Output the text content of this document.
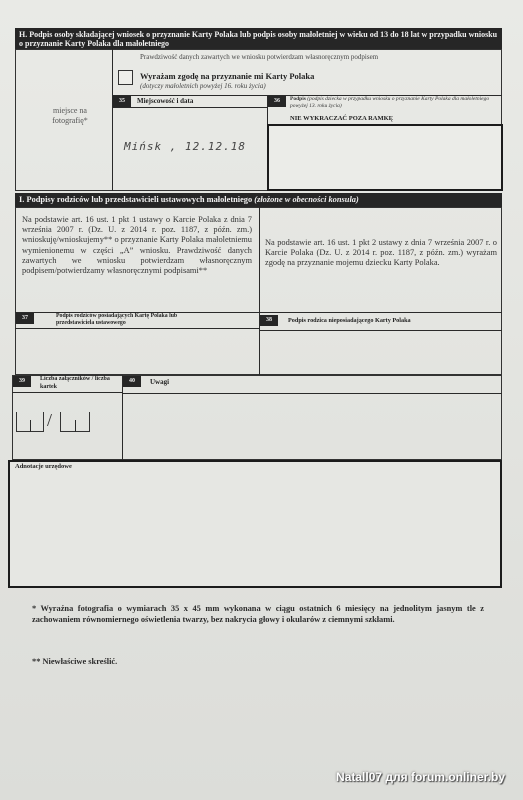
H. Podpis osoby składającej wniosek o przyznanie Karty Polaka lub podpis osoby małoletniej w wieku od 13 do 18 lat w przypadku wniosku o przyznanie Karty Polaka dla małoletniego
Prawdziwość danych zawartych we wniosku potwierdzam własnoręcznym podpisem
Wyrażam zgodę na przyznanie mi Karty Polaka
(dotyczy małoletnich powyżej 16. roku życia)
miejsce na fotografię*
35	Miejscowość i data
Mińsk , 12.12.18
36	Podpis (podpis dziecka w przypadku wniosku o przyznanie Karty Polaka dla małoletniego powyżej 13. roku życia)
NIE WYKRACZAĆ POZA RAMKĘ
I. Podpisy rodziców lub przedstawicieli ustawowych małoletniego (złożone w obecności konsula)
Na podstawie art. 16 ust. 1 pkt 1 ustawy o Karcie Polaka z dnia 7 września 2007 r. (Dz. U. z 2014 r. poz. 1187, z późn. zm.) wnioskuję/wnioskujemy** o przyznanie Karty Polaka małoletniemu wymienionemu w części „A” wniosku. Prawdziwość danych zawartych we wniosku potwierdzam własnoręcznym podpisem/potwierdzamy własnoręcznymi podpisami**
Na podstawie art. 16 ust. 1 pkt 2 ustawy z dnia 7 września 2007 r. o Karcie Polaka (Dz. U. z 2014 r. poz. 1187, z późn. zm.) wyrażam zgodę na przyznanie mojemu dziecku Karty Polaka.
37	Podpis rodziców posiadających Kartę Polaka lub przedstawiciela ustawowego	38	Podpis rodzica nieposiadającego Karty Polaka
39	Liczba załączników / liczba kartek
/
40	Uwagi
Adnotacje urzędowe
* Wyraźna fotografia o wymiarach 35 x 45 mm wykonana w ciągu ostatnich 6 miesięcy na jednolitym jasnym tle z zachowaniem równomiernego oświetlenia twarzy, bez nakrycia głowy i okularów z ciemnymi szkłami.
** Niewłaściwe skreślić.
Natall07 для forum.onliner.by
